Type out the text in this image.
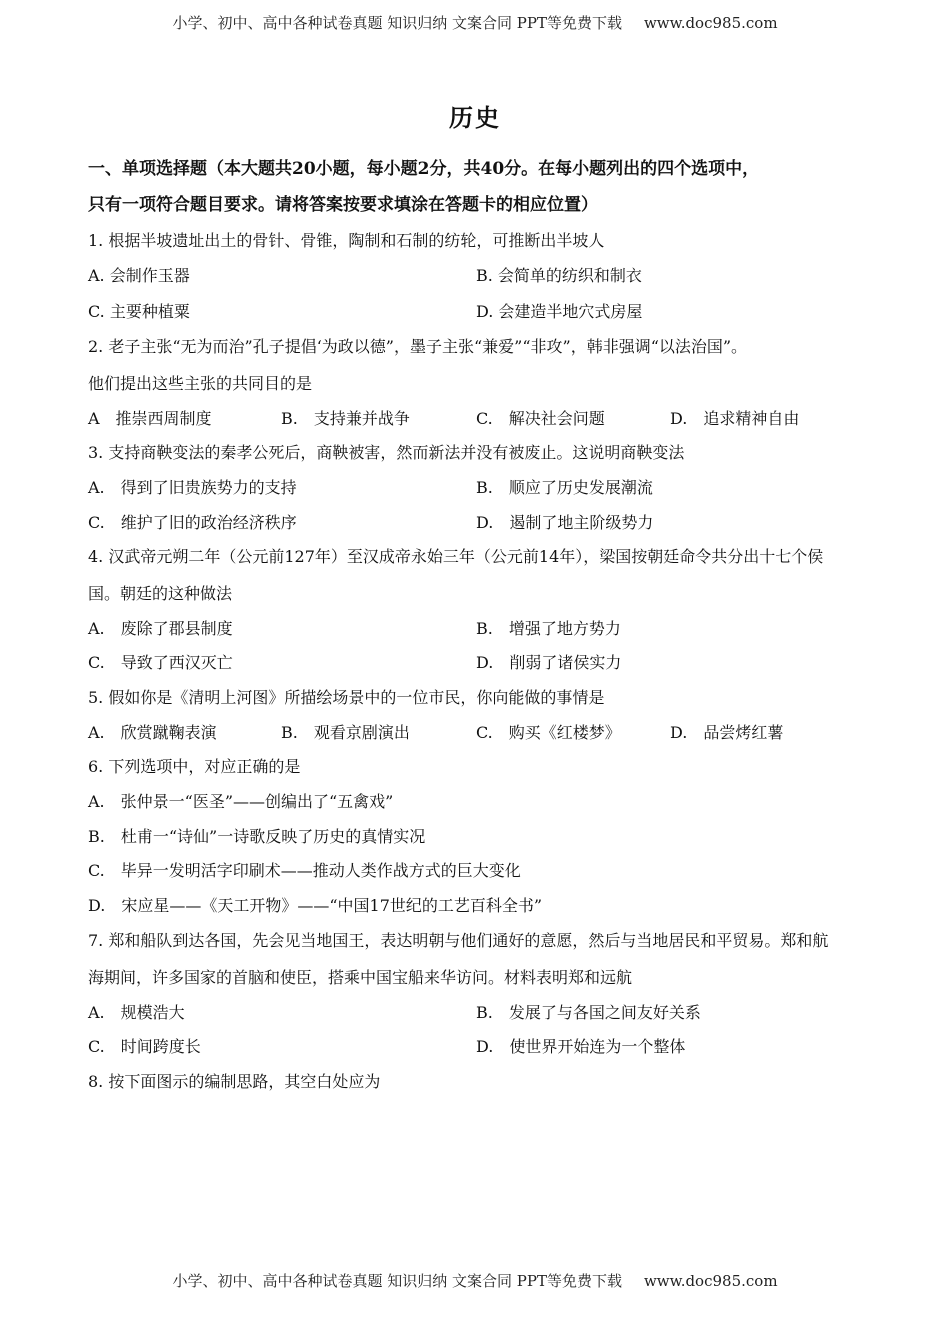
小学、初中、高中各种试卷真题 知识归纳 文案合同 PPT等免费下载 www.doc985.com
历史
一、单项选择题（本大题共20小题，每小题2分，共40分。在每小题列出的四个选项中，
只有一项符合题目要求。请将答案按要求填涂在答题卡的相应位置）
1. 根据半坡遗址出土的骨针、骨锥，陶制和石制的纺轮，可推断出半坡人
A. 会制作玉器	B. 会简单的纺织和制衣
C. 主要种植粟	D. 会建造半地穴式房屋
2. 老子主张“无为而治”孔子提倡‘为政以德”，墨子主张“兼爱”“非攻”，韩非强调“以法治国”。
他们提出这些主张的共同目的是
A　推崇西周制度	B.　支持兼并战争	C.　解决社会问题	D.　追求精神自由
3. 支持商鞅变法的秦孝公死后，商鞅被害，然而新法并没有被废止。这说明商鞅变法
A.　得到了旧贵族势力的支持	B.　顺应了历史发展潮流
C.　维护了旧的政治经济秩序	D.　遏制了地主阶级势力
4. 汉武帝元朔二年（公元前127年）至汉成帝永始三年（公元前14年），梁国按朝廷命令共分出十七个侯
国。朝廷的这种做法
A.　废除了郡县制度	B.　增强了地方势力
C.　导致了西汉灭亡	D.　削弱了诸侯实力
5. 假如你是《清明上河图》所描绘场景中的一位市民，你向能做的事情是
A.　欣赏蹴鞠表演	B.　观看京剧演出	C.　购买《红楼梦》	D.　品尝烤红薯
6. 下列选项中，对应正确的是
A.　张仲景一“医圣”——创编出了“五禽戏”
B.　杜甫一“诗仙”一诗歌反映了历史的真情实况
C.　毕异一发明活字印刷术——推动人类作战方式的巨大变化
D.　宋应星——《天工开物》——“中国17世纪的工艺百科全书”
7. 郑和船队到达各国，先会见当地国王，表达明朝与他们通好的意愿，然后与当地居民和平贸易。郑和航
海期间，许多国家的首脑和使臣，搭乘中国宝船来华访问。材料表明郑和远航
A.　规模浩大	B.　发展了与各国之间友好关系
C.　时间跨度长	D.　使世界开始连为一个整体
8. 按下面图示的编制思路，其空白处应为
小学、初中、高中各种试卷真题 知识归纳 文案合同 PPT等免费下载 www.doc985.com
